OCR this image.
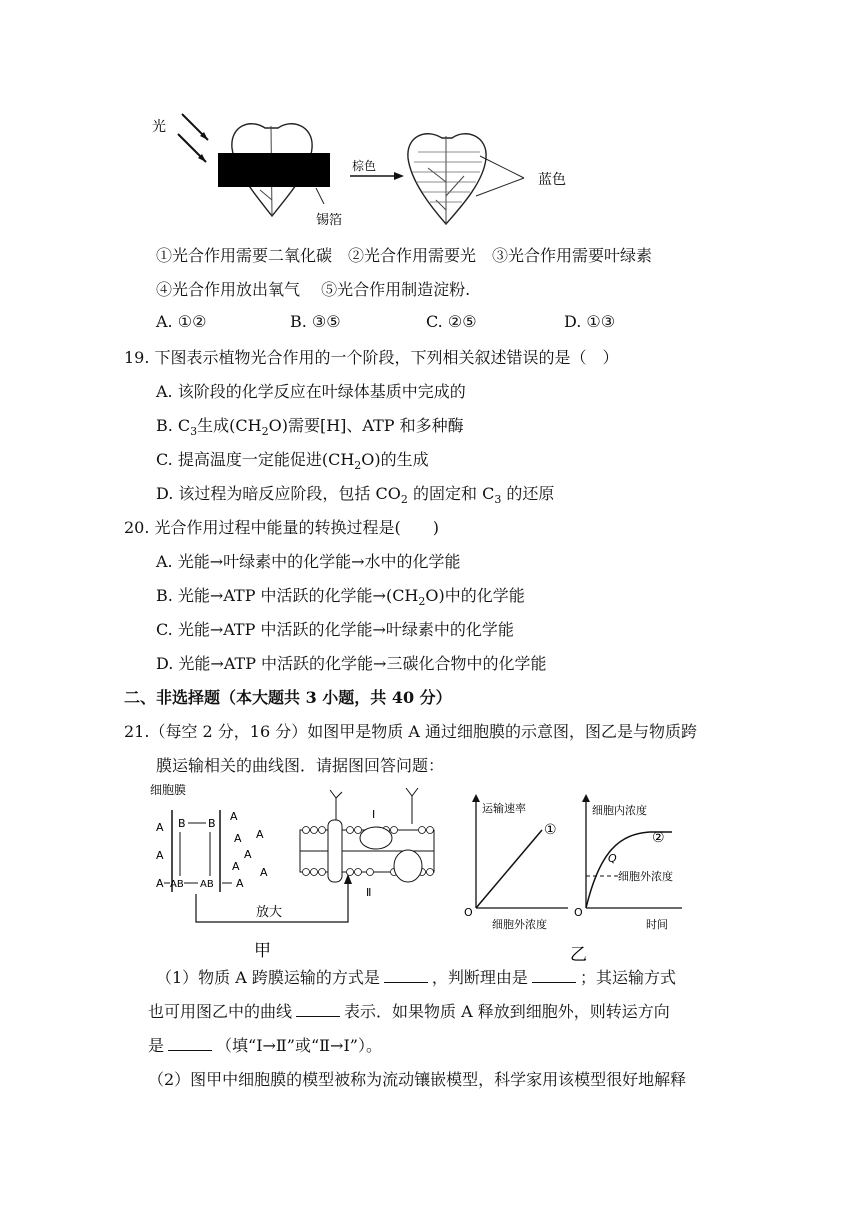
光
锡箔
棕色
蓝色
①光合作用需要二氧化碳　②光合作用需要光　③光合作用需要叶绿素
④光合作用放出氧气　 ⑤光合作用制造淀粉.
A. ①②	B. ③⑤	C. ②⑤	D. ①③
19. 下图表示植物光合作用的一个阶段，下列相关叙述错误的是（　）
A. 该阶段的化学反应在叶绿体基质中完成的
B. $C_3$生成$(CH_2O)$需要[H]、ATP 和多种酶
C. 提高温度一定能促进$(CH_2O)$的生成
D. 该过程为暗反应阶段，包括 $CO_2$ 的固定和 $C_3$ 的还原
20. 光合作用过程中能量的转换过程是(　　)
A. 光能→叶绿素中的化学能→水中的化学能
B. 光能→ATP 中活跃的化学能$\to(CH_2O)$中的化学能
C. 光能→ATP 中活跃的化学能→叶绿素中的化学能
D. 光能→ATP 中活跃的化学能→三碳化合物中的化学能
二、非选择题（本大题共 3 小题，共 40 分）
21.（每空 2 分，16 分）如图甲是物质 A 通过细胞膜的示意图，图乙是与物质跨
膜运输相关的曲线图．请据图回答问题：
细胞膜
A
A
A
B B
AB AB
A
A A
A
A A
A
放大
甲
Ⅰ
Ⅱ
运输速率
①
O
细胞外浓度
细胞内浓度
②
Q
细胞外浓度
O
时间
乙
（1）物质 A 跨膜运输的方式是	，判断理由是	；其运输方式
也可用图乙中的曲线	表示．如果物质 A 释放到细胞外，则转运方向
是	（填“Ⅰ→Ⅱ”或“Ⅱ→Ⅰ”）。
（2）图甲中细胞膜的模型被称为流动镶嵌模型，科学家用该模型很好地解释
